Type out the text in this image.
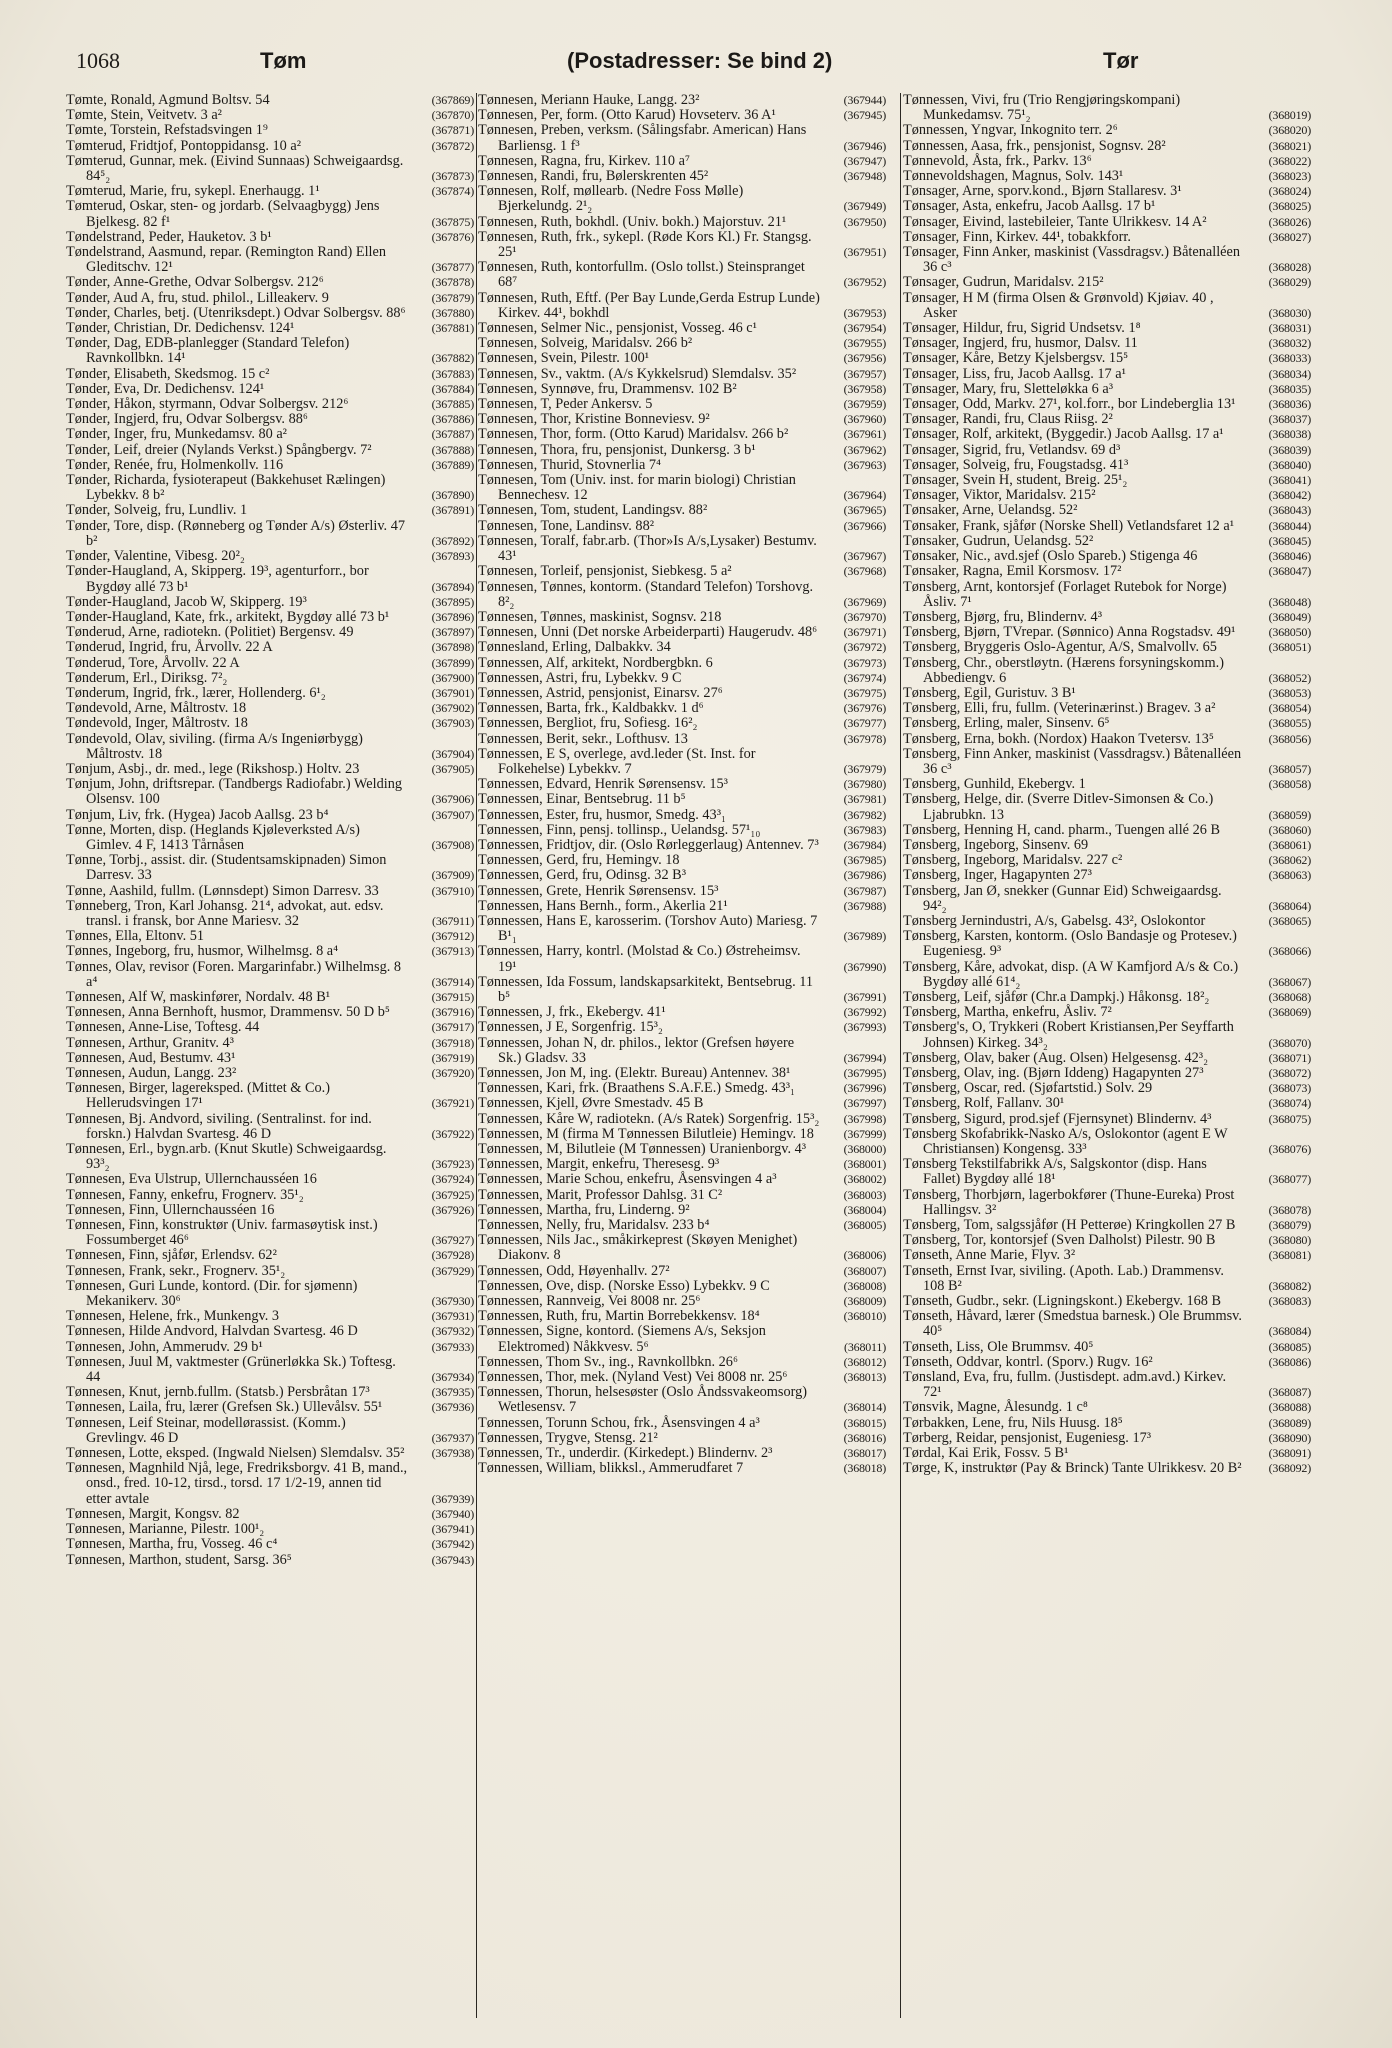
1068	Tøm	(Postadresser: Se bind 2)	Tør
Tømte, Ronald, Agmund Boltsv. 54	(367869)
Tømte, Stein, Veitvetv. 3 a²	(367870)
Tømte, Torstein, Refstadsvingen 1⁹	(367871)
Tømterud, Fridtjof, Pontoppidansg. 10 a²	(367872)
Tømterud, Gunnar, mek. (Eivind Sunnaas) Schweigaardsg. 84⁵₂	(367873)
Tømterud, Marie, fru, sykepl. Enerhaugg. 1¹	(367874)
Tømterud, Oskar, sten- og jordarb. (Selvaagbygg) Jens Bjelkesg. 82 f¹	(367875)
Tøndelstrand, Peder, Hauketov. 3 b¹	(367876)
Tøndelstrand, Aasmund, repar. (Remington Rand) Ellen Gleditschv. 12¹	(367877)
Tønder, Anne-Grethe, Odvar Solbergsv. 212⁶	(367878)
Tønder, Aud A, fru, stud. philol., Lilleakerv. 9	(367879)
Tønder, Charles, betj. (Utenriksdept.) Odvar Solbergsv. 88⁶ (367880)
Tønder, Christian, Dr. Dedichensv. 124¹	(367881)
Tønder, Dag, EDB-planlegger (Standard Telefon) Ravnkollbkn. 14¹	(367882)
Tønder, Elisabeth, Skedsmog. 15 c²	(367883)
Tønder, Eva, Dr. Dedichensv. 124¹	(367884)
Tønder, Håkon, styrmann, Odvar Solbergsv. 212⁶	(367885)
Tønder, Ingjerd, fru, Odvar Solbergsv. 88⁶	(367886)
Tønder, Inger, fru, Munkedamsv. 80 a²	(367887)
Tønder, Leif, dreier (Nylands Verkst.) Spångbergv. 7²	(367888)
Tønder, Renée, fru, Holmenkollv. 116	(367889)
Tønder, Richarda, fysioterapeut (Bakkehuset Rælingen) Lybekkv. 8 b²	(367890)
Tønder, Solveig, fru, Lundliv. 1	(367891)
Tønder, Tore, disp. (Rønneberg og Tønder A/s) Østerliv. 47 b²	(367892)
Tønder, Valentine, Vibesg. 20²₂	(367893)
Tønder-Haugland, A, Skipperg. 19³, agenturforr., bor Bygdøy allé 73 b¹	(367894)
Tønder-Haugland, Jacob W, Skipperg. 19³	(367895)
Tønder-Haugland, Kate, frk., arkitekt, Bygdøy allé 73 b¹	(367896)
Tønderud, Arne, radiotekn. (Politiet) Bergensv. 49	(367897)
Tønderud, Ingrid, fru, Årvollv. 22 A	(367898)
Tønderud, Tore, Årvollv. 22 A	(367899)
Tønderum, Erl., Diriksg. 7²₂	(367900)
Tønderum, Ingrid, frk., lærer, Hollenderg. 6¹₂	(367901)
Tøndevold, Arne, Måltrostv. 18	(367902)
Tøndevold, Inger, Måltrostv. 18	(367903)
Tøndevold, Olav, siviling. (firma A/s Ingeniørbygg) Måltrostv. 18	(367904)
Tønjum, Asbj., dr. med., lege (Rikshosp.) Holtv. 23	(367905)
Tønjum, John, driftsrepar. (Tandbergs Radiofabr.) Welding Olsensv. 100	(367906)
Tønjum, Liv, frk. (Hygea) Jacob Aallsg. 23 b⁴	(367907)
Tønne, Morten, disp. (Heglands Kjøleverksted A/s) Gimlev. 4 F, 1413 Tårnåsen	(367908)
Tønne, Torbj., assist. dir. (Studentsamskipnaden) Simon Darresv. 33	(367909)
Tønne, Aashild, fullm. (Lønnsdept) Simon Darresv. 33	(367910)
Tønneberg, Tron, Karl Johansg. 21⁴, advokat, aut. edsv. transl. i fransk, bor Anne Mariesv. 32	(367911)
Tønnes, Ella, Eltonv. 51	(367912)
Tønnes, Ingeborg, fru, husmor, Wilhelmsg. 8 a⁴	(367913)
Tønnes, Olav, revisor (Foren. Margarinfabr.) Wilhelmsg. 8 a⁴	(367914)
Tønnesen, Alf W, maskinfører, Nordalv. 48 B¹	(367915)
Tønnesen, Anna Bernhoft, husmor, Drammensv. 50 D b⁵	(367916)
Tønnesen, Anne-Lise, Toftesg. 44	(367917)
Tønnesen, Arthur, Granitv. 4³	(367918)
Tønnesen, Aud, Bestumv. 43¹	(367919)
Tønnesen, Audun, Langg. 23²	(367920)
Tønnesen, Birger, lagereksped. (Mittet & Co.) Hellerudsvingen 17¹	(367921)
Tønnesen, Bj. Andvord, siviling. (Sentralinst. for ind. forskn.) Halvdan Svartesg. 46 D	(367922)
Tønnesen, Erl., bygn.arb. (Knut Skutle) Schweigaardsg. 93³₂	(367923)
Tønnesen, Eva Ulstrup, Ullernchausséen 16	(367924)
Tønnesen, Fanny, enkefru, Frognerv. 35¹₂	(367925)
Tønnesen, Finn, Ullernchausséen 16	(367926)
Tønnesen, Finn, konstruktør (Univ. farmasøytisk inst.) Fossumberget 46⁶	(367927)
Tønnesen, Finn, sjåfør, Erlendsv. 62²	(367928)
Tønnesen, Frank, sekr., Frognerv. 35¹₂	(367929)
Tønnesen, Guri Lunde, kontord. (Dir. for sjømenn) Mekanikerv. 30⁶	(367930)
Tønnesen, Helene, frk., Munkengv. 3	(367931)
Tønnesen, Hilde Andvord, Halvdan Svartesg. 46 D	(367932)
Tønnesen, John, Ammerudv. 29 b¹	(367933)
Tønnesen, Juul M, vaktmester (Grünerløkka Sk.) Toftesg. 44	(367934)
Tønnesen, Knut, jernb.fullm. (Statsb.) Persbråtan 17³	(367935)
Tønnesen, Laila, fru, lærer (Grefsen Sk.) Ullevålsv. 55¹	(367936)
Tønnesen, Leif Steinar, modellørassist. (Komm.) Grevlingv. 46 D	(367937)
Tønnesen, Lotte, eksped. (Ingwald Nielsen) Slemdalsv. 35² (367938)
Tønnesen, Magnhild Njå, lege, Fredriksborgv. 41 B, mand., onsd., fred. 10-12, tirsd., torsd. 17 1/2-19, annen tid etter avtale	(367939)
Tønnesen, Margit, Kongsv. 82	(367940)
Tønnesen, Marianne, Pilestr. 100¹₂	(367941)
Tønnesen, Martha, fru, Vosseg. 46 c⁴	(367942)
Tønnesen, Marthon, student, Sarsg. 36⁵	(367943)
Tønnesen, Meriann Hauke, Langg. 23²	(367944)
Tønnesen, Per, form. (Otto Karud) Hovseterv. 36 A¹	(367945)
Tønnesen, Preben, verksm. (Sålingsfabr. American) Hans Barliensg. 1 f³	(367946)
Tønnesen, Ragna, fru, Kirkev. 110 a⁷	(367947)
Tønnesen, Randi, fru, Bølerskrenten 45²	(367948)
Tønnesen, Rolf, møllearb. (Nedre Foss Mølle) Bjerkelundg. 2¹₂	(367949)
Tønnesen, Ruth, bokhdl. (Univ. bokh.) Majorstuv. 21¹	(367950)
Tønnesen, Ruth, frk., sykepl. (Røde Kors Kl.) Fr. Stangsg. 25¹	(367951)
Tønnesen, Ruth, kontorfullm. (Oslo tollst.) Steinspranget 68⁷	(367952)
Tønnesen, Ruth, Eftf. (Per Bay Lunde,Gerda Estrup Lunde) Kirkev. 44¹, bokhdl	(367953)
Tønnesen, Selmer Nic., pensjonist, Vosseg. 46 c¹	(367954)
Tønnesen, Solveig, Maridalsv. 266 b²	(367955)
Tønnesen, Svein, Pilestr. 100¹	(367956)
Tønnesen, Sv., vaktm. (A/s Kykkelsrud) Slemdalsv. 35²	(367957)
Tønnesen, Synnøve, fru, Drammensv. 102 B²	(367958)
Tønnesen, T, Peder Ankersv. 5	(367959)
Tønnesen, Thor, Kristine Bonneviesv. 9²	(367960)
Tønnesen, Thor, form. (Otto Karud) Maridalsv. 266 b²	(367961)
Tønnesen, Thora, fru, pensjonist, Dunkersg. 3 b¹	(367962)
Tønnesen, Thurid, Stovnerlia 7⁴	(367963)
Tønnesen, Tom (Univ. inst. for marin biologi) Christian Bennechesv. 12	(367964)
Tønnesen, Tom, student, Landingsv. 88²	(367965)
Tønnesen, Tone, Landinsv. 88²	(367966)
Tønnesen, Toralf, fabr.arb. (Thor»Is A/s,Lysaker) Bestumv. 43¹	(367967)
Tønnesen, Torleif, pensjonist, Siebkesg. 5 a²	(367968)
Tønnesen, Tønnes, kontorm. (Standard Telefon) Torshovg. 8²₂	(367969)
Tønnesen, Tønnes, maskinist, Sognsv. 218	(367970)
Tønnesen, Unni (Det norske Arbeiderparti) Haugerudv. 48⁶ (367971)
Tønnesland, Erling, Dalbakkv. 34	(367972)
Tønnessen, Alf, arkitekt, Nordbergbkn. 6	(367973)
Tønnessen, Astri, fru, Lybekkv. 9 C	(367974)
Tønnessen, Astrid, pensjonist, Einarsv. 27⁶	(367975)
Tønnessen, Barta, frk., Kaldbakkv. 1 d⁶	(367976)
Tønnessen, Bergliot, fru, Sofiesg. 16²₂	(367977)
Tønnessen, Berit, sekr., Lofthusv. 13	(367978)
Tønnessen, E S, overlege, avd.leder (St. Inst. for Folkehelse) Lybekkv. 7	(367979)
Tønnessen, Edvard, Henrik Sørensensv. 15³	(367980)
Tønnessen, Einar, Bentsebrug. 11 b⁵	(367981)
Tønnessen, Ester, fru, husmor, Smedg. 43³₁	(367982)
Tønnessen, Finn, pensj. tollinsp., Uelandsg. 57¹₁₀	(367983)
Tønnessen, Fridtjov, dir. (Oslo Rørleggerlaug) Antennev. 7³ (367984)
Tønnessen, Gerd, fru, Hemingv. 18	(367985)
Tønnessen, Gerd, fru, Odinsg. 32 B³	(367986)
Tønnessen, Grete, Henrik Sørensensv. 15³	(367987)
Tønnessen, Hans Bernh., form., Akerlia 21¹	(367988)
Tønnessen, Hans E, karosserim. (Torshov Auto) Mariesg. 7 B¹₁	(367989)
Tønnessen, Harry, kontrl. (Molstad & Co.) Østreheimsv. 19¹	(367990)
Tønnessen, Ida Fossum, landskapsarkitekt, Bentsebrug. 11 b⁵	(367991)
Tønnessen, J, frk., Ekebergv. 41¹	(367992)
Tønnessen, J E, Sorgenfrig. 15³₂	(367993)
Tønnessen, Johan N, dr. philos., lektor (Grefsen høyere Sk.) Gladsv. 33	(367994)
Tønnessen, Jon M, ing. (Elektr. Bureau) Antennev. 38¹	(367995)
Tønnessen, Kari, frk. (Braathens S.A.F.E.) Smedg. 43³₁	(367996)
Tønnessen, Kjell, Øvre Smestadv. 45 B	(367997)
Tønnessen, Kåre W, radiotekn. (A/s Ratek) Sorgenfrig. 15³₂ (367998)
Tønnessen, M (firma M Tønnessen Bilutleie) Hemingv. 18 (367999)
Tønnessen, M, Bilutleie (M Tønnessen) Uranienborgv. 4³	(368000)
Tønnessen, Margit, enkefru, Theresesg. 9³	(368001)
Tønnessen, Marie Schou, enkefru, Åsensvingen 4 a³	(368002)
Tønnessen, Marit, Professor Dahlsg. 31 C²	(368003)
Tønnessen, Martha, fru, Linderng. 9²	(368004)
Tønnessen, Nelly, fru, Maridalsv. 233 b⁴	(368005)
Tønnessen, Nils Jac., småkirkeprest (Skøyen Menighet) Diakonv. 8	(368006)
Tønnessen, Odd, Høyenhallv. 27²	(368007)
Tønnessen, Ove, disp. (Norske Esso) Lybekkv. 9 C	(368008)
Tønnessen, Rannveig, Vei 8008 nr. 25⁶	(368009)
Tønnessen, Ruth, fru, Martin Borrebekkensv. 18⁴	(368010)
Tønnessen, Signe, kontord. (Siemens A/s, Seksjon Elektromed) Nåkkvesv. 5⁶	(368011)
Tønnessen, Thom Sv., ing., Ravnkollbkn. 26⁶	(368012)
Tønnessen, Thor, mek. (Nyland Vest) Vei 8008 nr. 25⁶	(368013)
Tønnessen, Thorun, helsesøster (Oslo Åndssvakeomsorg) Wetlesensv. 7	(368014)
Tønnessen, Torunn Schou, frk., Åsensvingen 4 a³	(368015)
Tønnessen, Trygve, Stensg. 21²	(368016)
Tønnessen, Tr., underdir. (Kirkedept.) Blindernv. 2³	(368017)
Tønnessen, William, blikksl., Ammerudfaret 7	(368018)
Tønnessen, Vivi, fru (Trio Rengjøringskompani) Munkedamsv. 75¹₂	(368019)
Tønnessen, Yngvar, Inkognito terr. 2⁶	(368020)
Tønnessen, Aasa, frk., pensjonist, Sognsv. 28²	(368021)
Tønnevold, Åsta, frk., Parkv. 13⁶	(368022)
Tønnevoldshagen, Magnus, Solv. 143¹	(368023)
Tønsager, Arne, sporv.kond., Bjørn Stallaresv. 3¹	(368024)
Tønsager, Asta, enkefru, Jacob Aallsg. 17 b¹	(368025)
Tønsager, Eivind, lastebileier, Tante Ulrikkesv. 14 A²	(368026)
Tønsager, Finn, Kirkev. 44¹, tobakkforr.	(368027)
Tønsager, Finn Anker, maskinist (Vassdragsv.) Båtenalléen 36 c³	(368028)
Tønsager, Gudrun, Maridalsv. 215²	(368029)
Tønsager, H M (firma Olsen & Grønvold) Kjøiav. 40 , Asker	(368030)
Tønsager, Hildur, fru, Sigrid Undsetsv. 1⁸	(368031)
Tønsager, Ingjerd, fru, husmor, Dalsv. 11	(368032)
Tønsager, Kåre, Betzy Kjelsbergsv. 15⁵	(368033)
Tønsager, Liss, fru, Jacob Aallsg. 17 a¹	(368034)
Tønsager, Mary, fru, Sletteløkka 6 a³	(368035)
Tønsager, Odd, Markv. 27¹, kol.forr., bor Lindeberglia 13¹	(368036)
Tønsager, Randi, fru, Claus Riisg. 2²	(368037)
Tønsager, Rolf, arkitekt, (Byggedir.) Jacob Aallsg. 17 a¹	(368038)
Tønsager, Sigrid, fru, Vetlandsv. 69 d³	(368039)
Tønsager, Solveig, fru, Fougstadsg. 41³	(368040)
Tønsager, Svein H, student, Breig. 25¹₂	(368041)
Tønsager, Viktor, Maridalsv. 215²	(368042)
Tønsaker, Arne, Uelandsg. 52²	(368043)
Tønsaker, Frank, sjåfør (Norske Shell) Vetlandsfaret 12 a¹	(368044)
Tønsaker, Gudrun, Uelandsg. 52²	(368045)
Tønsaker, Nic., avd.sjef (Oslo Spareb.) Stigenga 46	(368046)
Tønsaker, Ragna, Emil Korsmosv. 17²	(368047)
Tønsberg, Arnt, kontorsjef (Forlaget Rutebok for Norge) Åsliv. 7¹	(368048)
Tønsberg, Bjørg, fru, Blindernv. 4³	(368049)
Tønsberg, Bjørn, TVrepar. (Sønnico) Anna Rogstadsv. 49¹	(368050)
Tønsberg, Bryggeris Oslo-Agentur, A/S, Smalvollv. 65	(368051)
Tønsberg, Chr., oberstløytn. (Hærens forsyningskomm.) Abbediengv. 6	(368052)
Tønsberg, Egil, Guristuv. 3 B¹	(368053)
Tønsberg, Elli, fru, fullm. (Veterinærinst.) Bragev. 3 a²	(368054)
Tønsberg, Erling, maler, Sinsenv. 6⁵	(368055)
Tønsberg, Erna, bokh. (Nordox) Haakon Tvetersv. 13⁵	(368056)
Tønsberg, Finn Anker, maskinist (Vassdragsv.) Båtenalléen 36 c³	(368057)
Tønsberg, Gunhild, Ekebergv. 1	(368058)
Tønsberg, Helge, dir. (Sverre Ditlev-Simonsen & Co.) Ljabrubkn. 13	(368059)
Tønsberg, Henning H, cand. pharm., Tuengen allé 26 B	(368060)
Tønsberg, Ingeborg, Sinsenv. 69	(368061)
Tønsberg, Ingeborg, Maridalsv. 227 c²	(368062)
Tønsberg, Inger, Hagapynten 27³	(368063)
Tønsberg, Jan Ø, snekker (Gunnar Eid) Schweigaardsg. 94²₂	(368064)
Tønsberg Jernindustri, A/s, Gabelsg. 43², Oslokontor	(368065)
Tønsberg, Karsten, kontorm. (Oslo Bandasje og Protesev.) Eugeniesg. 9³	(368066)
Tønsberg, Kåre, advokat, disp. (A W Kamfjord A/s & Co.) Bygdøy allé 61⁴₂	(368067)
Tønsberg, Leif, sjåfør (Chr.a Dampkj.) Håkonsg. 18²₂	(368068)
Tønsberg, Martha, enkefru, Åsliv. 7²	(368069)
Tønsberg's, O, Trykkeri (Robert Kristiansen,Per Seyffarth Johnsen) Kirkeg. 34³₂	(368070)
Tønsberg, Olav, baker (Aug. Olsen) Helgesensg. 42³₂	(368071)
Tønsberg, Olav, ing. (Bjørn Iddeng) Hagapynten 27³	(368072)
Tønsberg, Oscar, red. (Sjøfartstid.) Solv. 29	(368073)
Tønsberg, Rolf, Fallanv. 30¹	(368074)
Tønsberg, Sigurd, prod.sjef (Fjernsynet) Blindernv. 4³	(368075)
Tønsberg Skofabrikk-Nasko A/s, Oslokontor (agent E W Christiansen) Kongensg. 33³	(368076)
Tønsberg Tekstilfabrikk A/s, Salgskontor (disp. Hans Fallet) Bygdøy allé 18¹	(368077)
Tønsberg, Thorbjørn, lagerbokfører (Thune-Eureka) Prost Hallingsv. 3²	(368078)
Tønsberg, Tom, salgssjåfør (H Petterøe) Kringkollen 27 B	(368079)
Tønsberg, Tor, kontorsjef (Sven Dalholst) Pilestr. 90 B	(368080)
Tønseth, Anne Marie, Flyv. 3²	(368081)
Tønseth, Ernst Ivar, siviling. (Apoth. Lab.) Drammensv. 108 B²	(368082)
Tønseth, Gudbr., sekr. (Ligningskont.) Ekebergv. 168 B	(368083)
Tønseth, Håvard, lærer (Smedstua barnesk.) Ole Brummsv. 40⁵	(368084)
Tønseth, Liss, Ole Brummsv. 40⁵	(368085)
Tønseth, Oddvar, kontrl. (Sporv.) Rugv. 16²	(368086)
Tønsland, Eva, fru, fullm. (Justisdept. adm.avd.) Kirkev. 72¹	(368087)
Tønsvik, Magne, Ålesundg. 1 c⁸	(368088)
Tørbakken, Lene, fru, Nils Huusg. 18⁵	(368089)
Tørberg, Reidar, pensjonist, Eugeniesg. 17³	(368090)
Tørdal, Kai Erik, Fossv. 5 B¹	(368091)
Tørge, K, instruktør (Pay & Brinck) Tante Ulrikkesv. 20 B² (368092)
